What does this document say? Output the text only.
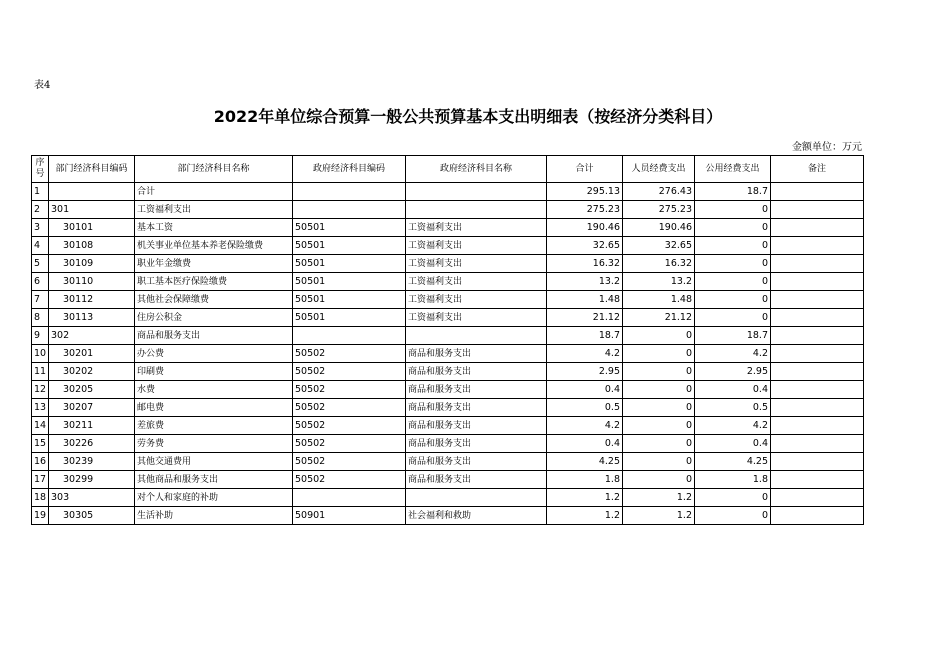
表4
2022年单位综合预算一般公共预算基本支出明细表（按经济分类科目）
金额单位：万元
序号	部门经济科目编码	部门经济科目名称	政府经济科目编码	政府经济科目名称	合计	人员经费支出	公用经费支出	备注
1		合计			295.13	276.43	18.7	
2	301	工资福利支出			275.23	275.23	0	
3	30101	基本工资	50501	工资福利支出	190.46	190.46	0	
4	30108	机关事业单位基本养老保险缴费	50501	工资福利支出	32.65	32.65	0	
5	30109	职业年金缴费	50501	工资福利支出	16.32	16.32	0	
6	30110	职工基本医疗保险缴费	50501	工资福利支出	13.2	13.2	0	
7	30112	其他社会保障缴费	50501	工资福利支出	1.48	1.48	0	
8	30113	住房公积金	50501	工资福利支出	21.12	21.12	0	
9	302	商品和服务支出			18.7	0	18.7	
10	30201	办公费	50502	商品和服务支出	4.2	0	4.2	
11	30202	印刷费	50502	商品和服务支出	2.95	0	2.95	
12	30205	水费	50502	商品和服务支出	0.4	0	0.4	
13	30207	邮电费	50502	商品和服务支出	0.5	0	0.5	
14	30211	差旅费	50502	商品和服务支出	4.2	0	4.2	
15	30226	劳务费	50502	商品和服务支出	0.4	0	0.4	
16	30239	其他交通费用	50502	商品和服务支出	4.25	0	4.25	
17	30299	其他商品和服务支出	50502	商品和服务支出	1.8	0	1.8	
18	303	对个人和家庭的补助			1.2	1.2	0	
19	30305	生活补助	50901	社会福利和救助	1.2	1.2	0	
